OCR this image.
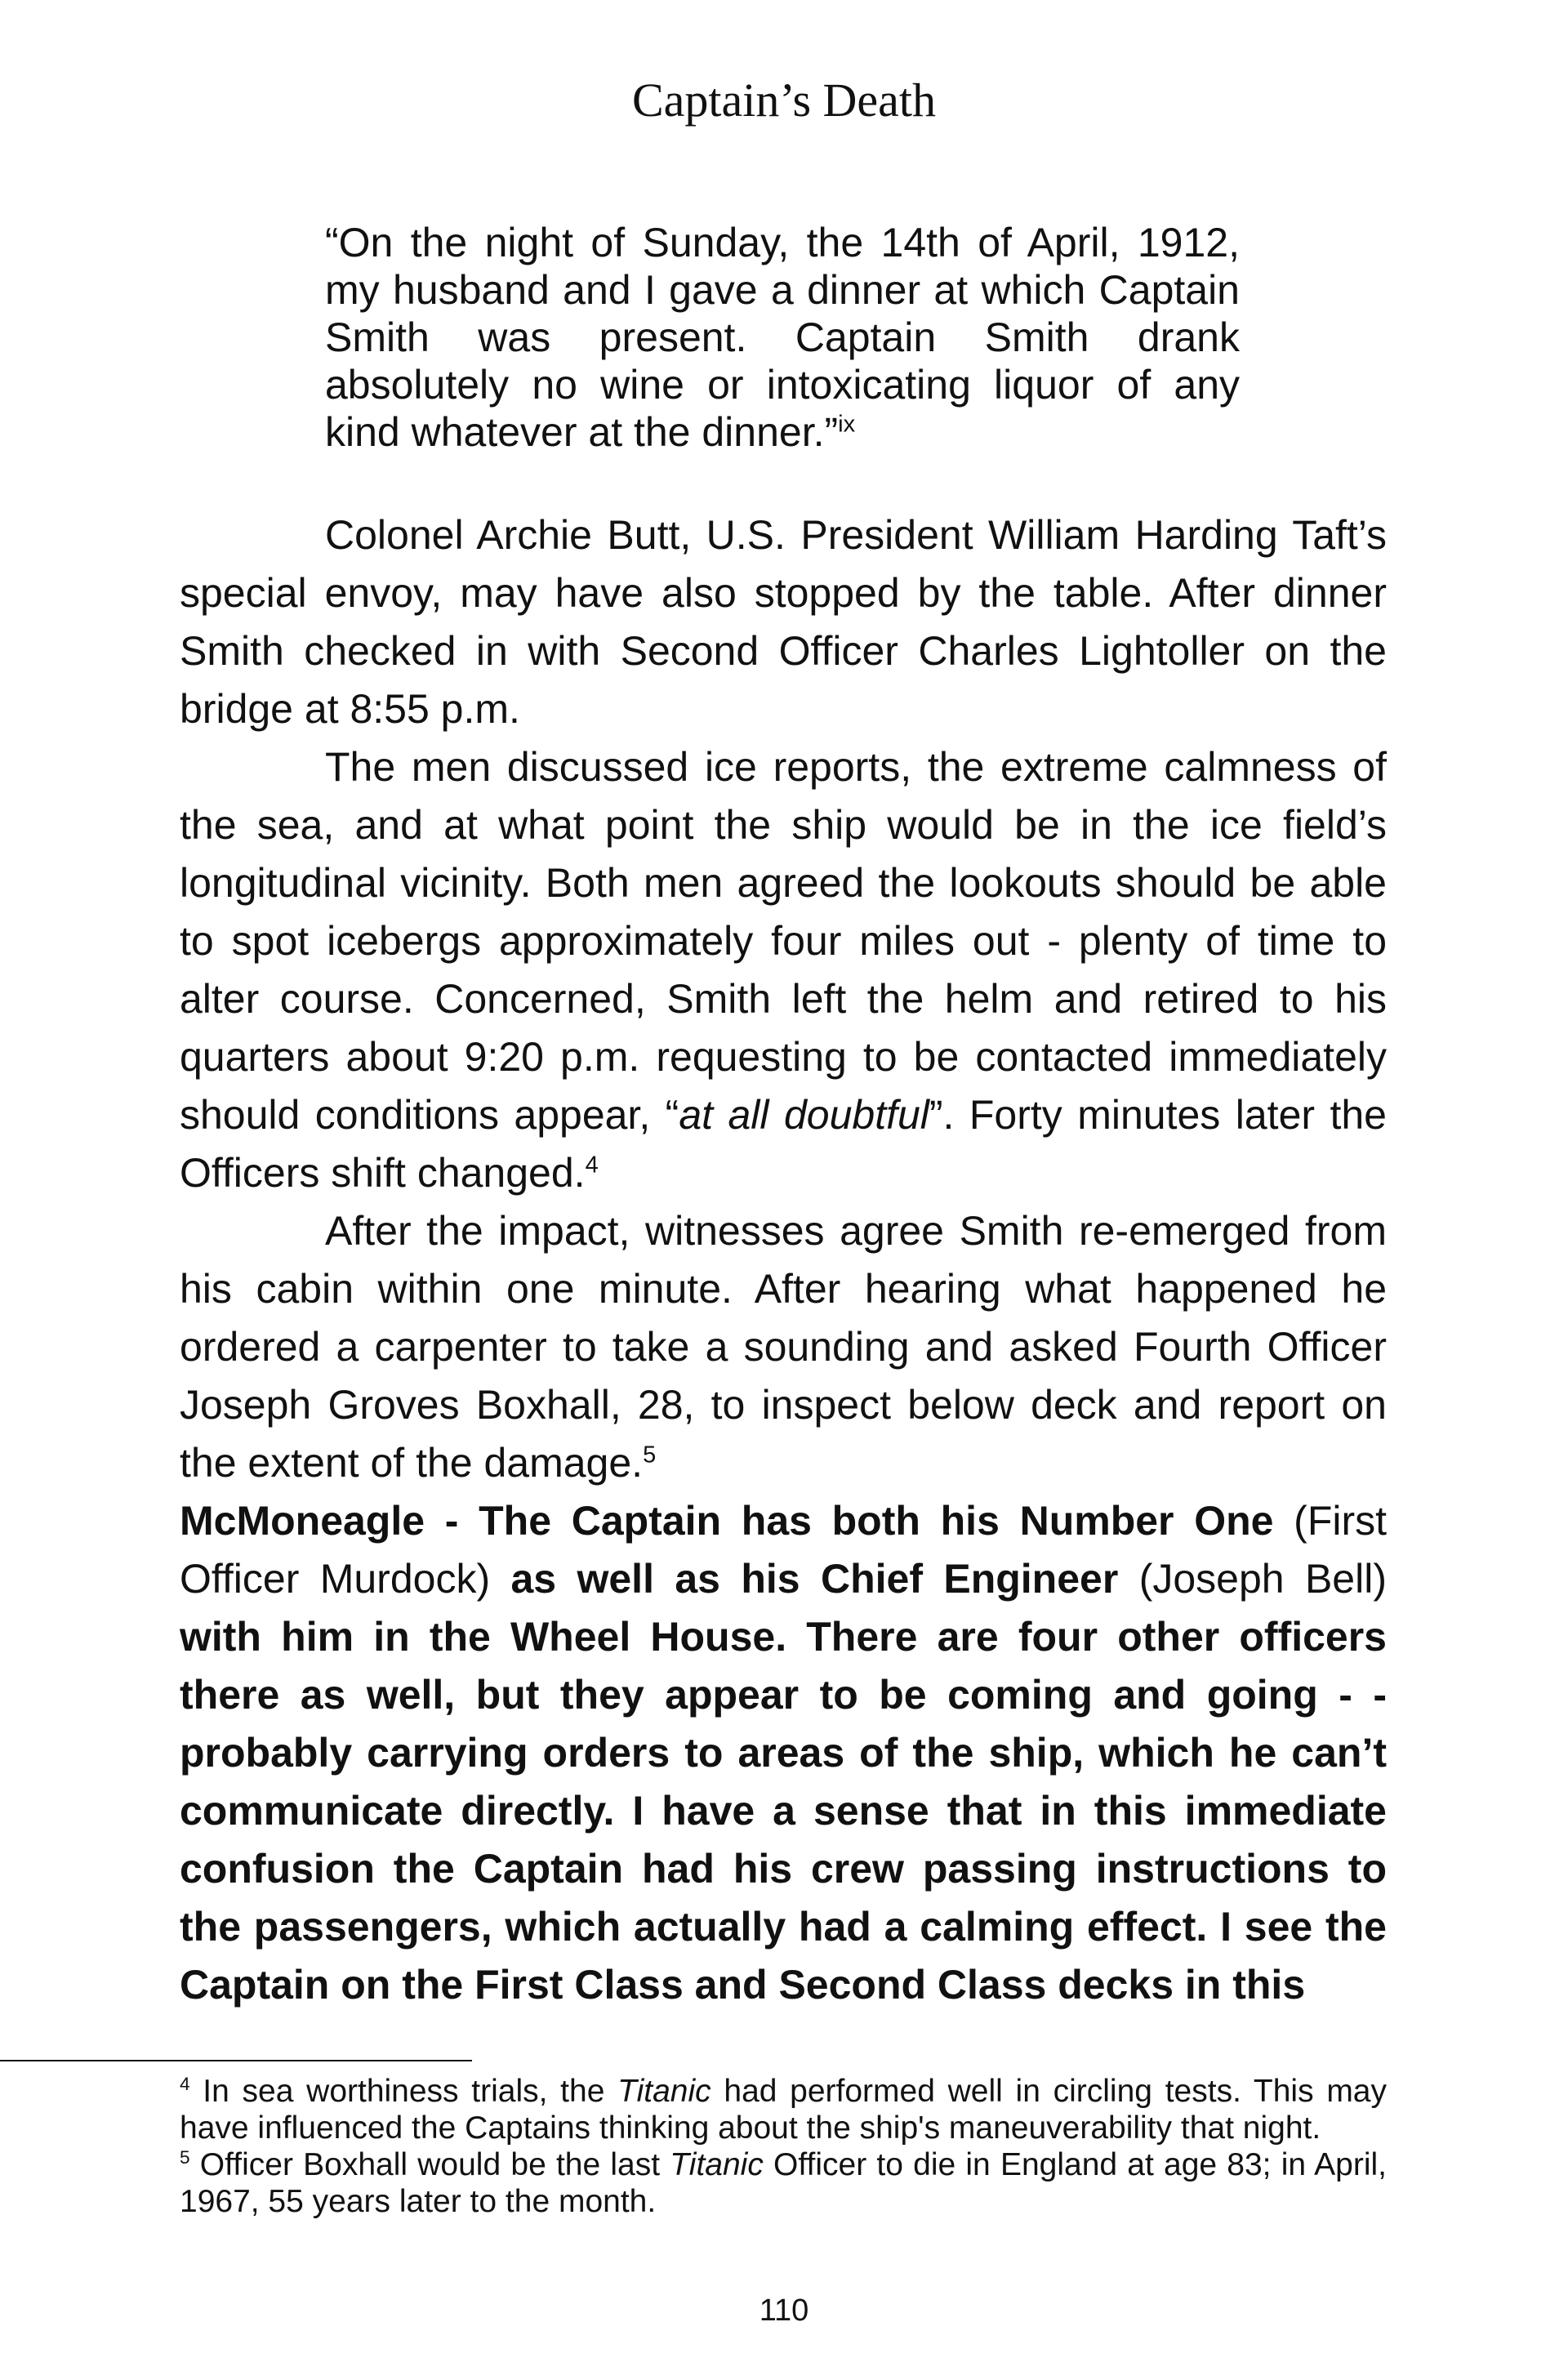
Captain’s Death

“On the night of Sunday, the 14th of April, 1912, my husband and I gave a dinner at which Captain Smith was present. Captain Smith drank absolutely no wine or intoxicating liquor of any kind whatever at the dinner.”$^{ix}$

Colonel Archie Butt, U.S. President William Harding Taft’s special envoy, may have also stopped by the table. After dinner Smith checked in with Second Officer Charles Lightoller on the bridge at 8:55 p.m.

The men discussed ice reports, the extreme calmness of the sea, and at what point the ship would be in the ice field’s longitudinal vicinity. Both men agreed the lookouts should be able to spot icebergs approximately four miles out - plenty of time to alter course. Concerned, Smith left the helm and retired to his quarters about 9:20 p.m. requesting to be contacted immediately should conditions appear, “at all doubtful”. Forty minutes later the Officers shift changed.$^4$

After the impact, witnesses agree Smith re-emerged from his cabin within one minute. After hearing what happened he ordered a carpenter to take a sounding and asked Fourth Officer Joseph Groves Boxhall, 28, to inspect below deck and report on the extent of the damage.$^5$

McMoneagle - The Captain has both his Number One (First Officer Murdock) as well as his Chief Engineer (Joseph Bell) with him in the Wheel House. There are four other officers there as well, but they appear to be coming and going - - probably carrying orders to areas of the ship, which he can’t communicate directly. I have a sense that in this immediate confusion the Captain had his crew passing instructions to the passengers, which actually had a calming effect. I see the Captain on the First Class and Second Class decks in this

$^4$ In sea worthiness trials, the Titanic had performed well in circling tests. This may have influenced the Captains thinking about the ship's maneuverability that night.

$^5$ Officer Boxhall would be the last Titanic Officer to die in England at age 83; in April, 1967, 55 years later to the month.

110
